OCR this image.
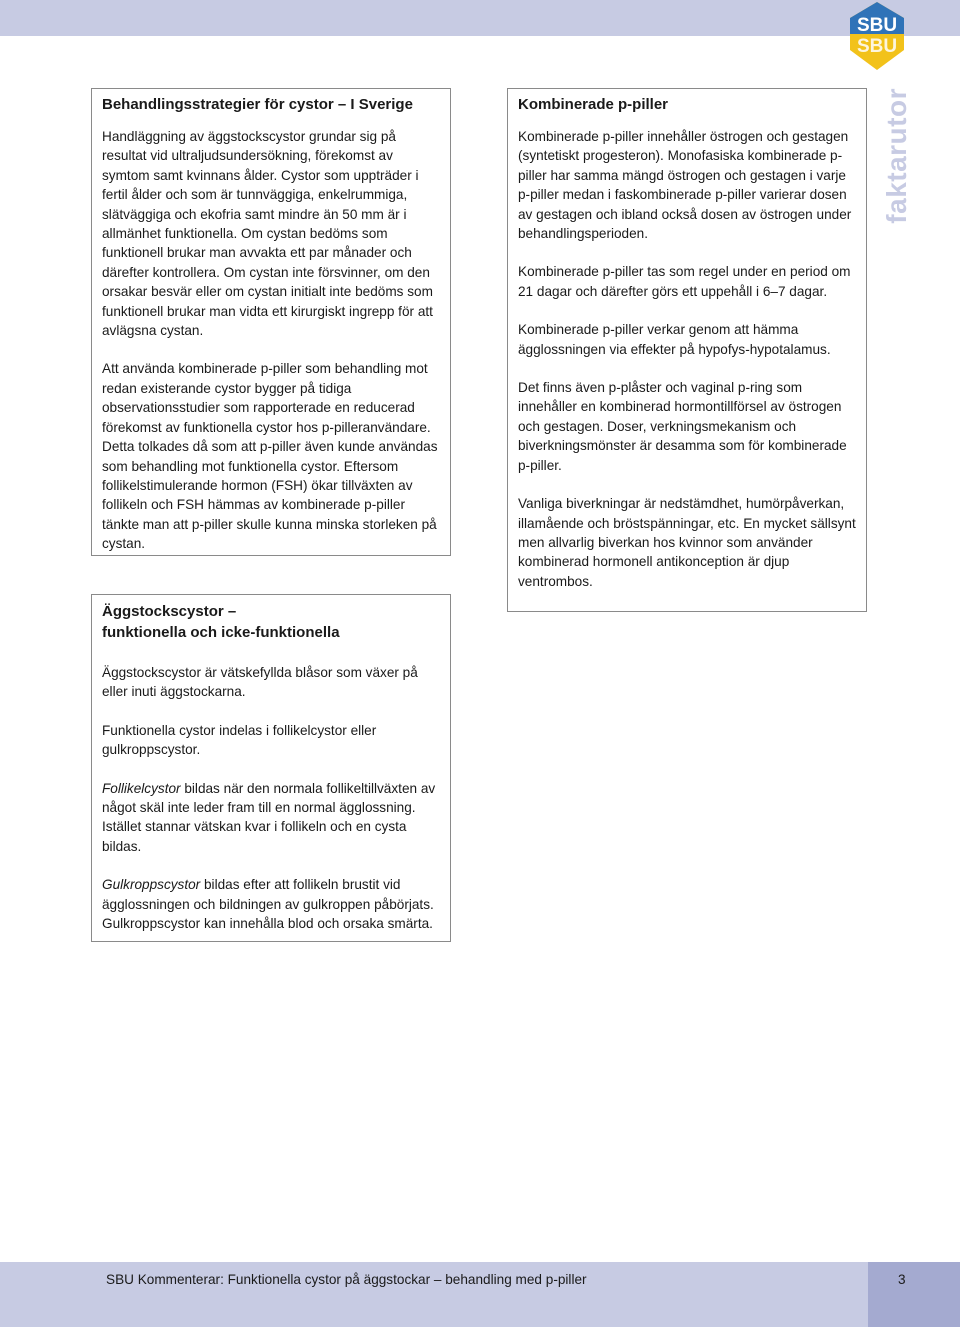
SBU
SBU
faktarutor
Behandlingsstrategier för cystor – I Sverige

Handläggning av äggstockscystor grundar sig på resultat vid ultraljudsundersökning, förekomst av symtom samt kvinnans ålder. Cystor som uppträder i fertil ålder och som är tunnväggiga, enkelrummiga, slätväggiga och ekofria samt mindre än 50 mm är i allmänhet funktionella. Om cystan bedöms som funktionell brukar man avvakta ett par månader och därefter kontrollera. Om cystan inte försvinner, om den orsakar besvär eller om cystan initialt inte bedöms som funktionell brukar man vidta ett kirurgiskt ingrepp för att avlägsna cystan.

Att använda kombinerade p-piller som behandling mot redan existerande cystor bygger på tidiga observationsstudier som rapporterade en reducerad förekomst av funktionella cystor hos p-pilleranvändare. Detta tolkades då som att p-piller även kunde användas som behandling mot funktionella cystor. Eftersom follikelstimulerande hormon (FSH) ökar tillväxten av follikeln och FSH hämmas av kombinerade p-piller tänkte man att p-piller skulle kunna minska storleken på cystan.

Äggstockscystor –
funktionella och icke-funktionella

Äggstockscystor är vätskefyllda blåsor som växer på eller inuti äggstockarna.

Funktionella cystor indelas i follikelcystor eller gulkroppscystor.

Follikelcystor bildas när den normala follikeltillväxten av något skäl inte leder fram till en normal ägglossning. Istället stannar vätskan kvar i follikeln och en cysta bildas.

Gulkroppscystor bildas efter att follikeln brustit vid ägglossningen och bildningen av gulkroppen påbörjats. Gulkroppscystor kan innehålla blod och orsaka smärta.

Kombinerade p-piller

Kombinerade p-piller innehåller östrogen och gestagen (syntetiskt progesteron). Monofasiska kombinerade p-piller har samma mängd östrogen och gestagen i varje p-piller medan i faskombinerade p-piller varierar dosen av gestagen och ibland också dosen av östrogen under behandlingsperioden.

Kombinerade p-piller tas som regel under en period om 21 dagar och därefter görs ett uppehåll i 6–7 dagar.

Kombinerade p-piller verkar genom att hämma ägglossningen via effekter på hypofys-hypotalamus.

Det finns även p-plåster och vaginal p-ring som innehåller en kombinerad hormontillförsel av östrogen och gestagen. Doser, verkningsmekanism och biverkningsmönster är desamma som för kombinerade p-piller.

Vanliga biverkningar är nedstämdhet, humörpåverkan, illamående och bröstspänningar, etc. En mycket sällsynt men allvarlig biverkan hos kvinnor som använder kombinerad hormonell antikonception är djup ventrombos.

SBU Kommenterar: Funktionella cystor på äggstockar – behandling med p-piller	3
